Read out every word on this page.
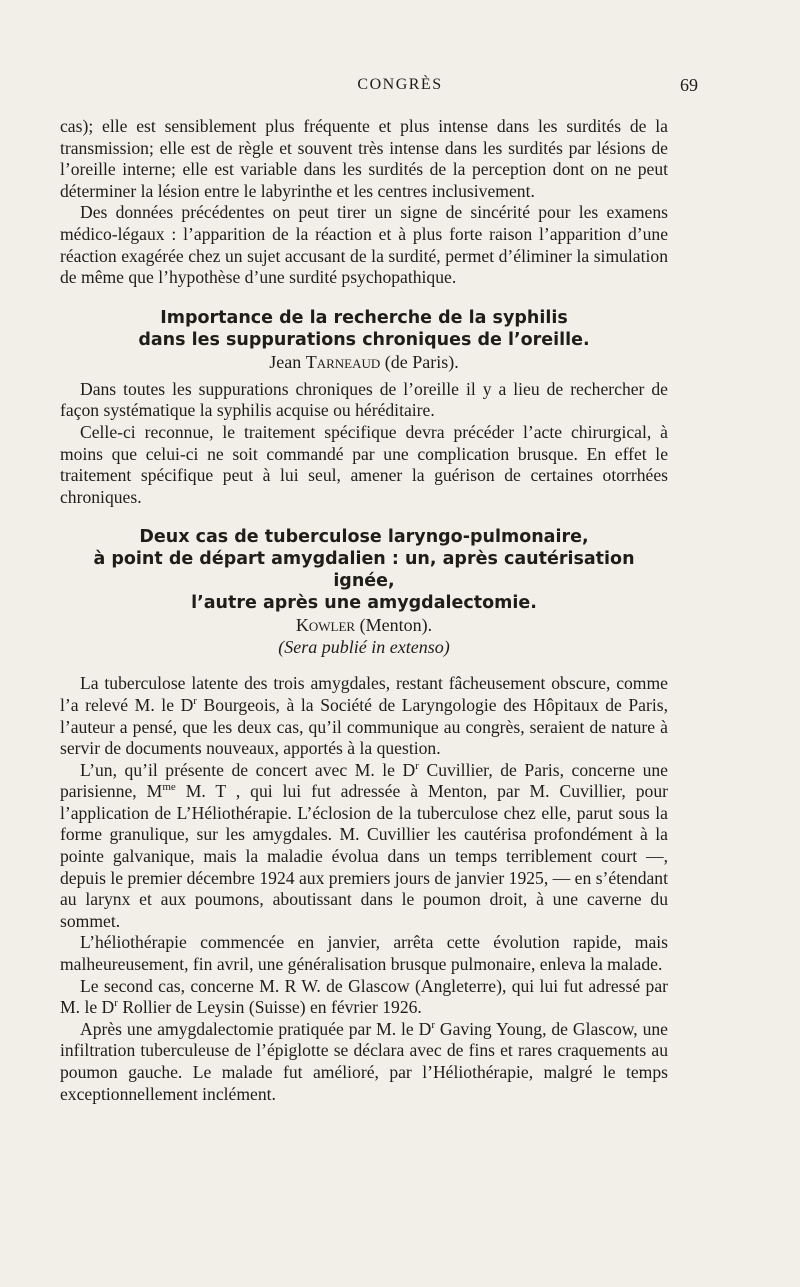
CONGRÈS	69

cas); elle est sensiblement plus fréquente et plus intense dans les surdités de la transmission; elle est de règle et souvent très intense dans les surdités par lésions de l’oreille interne; elle est variable dans les surdités de la perception dont on ne peut déterminer la lésion entre le labyrinthe et les centres inclusivement.

Des données précédentes on peut tirer un signe de sincérité pour les examens médico-légaux : l’apparition de la réaction et à plus forte raison l’apparition d’une réaction exagérée chez un sujet accusant de la surdité, permet d’éliminer la simulation de même que l’hypothèse d’une surdité psychopathique.

Importance de la recherche de la syphilis
dans les suppurations chroniques de l’oreille.
Jean Tarneaud (de Paris).

Dans toutes les suppurations chroniques de l’oreille il y a lieu de rechercher de façon systématique la syphilis acquise ou héréditaire.

Celle-ci reconnue, le traitement spécifique devra précéder l’acte chirurgical, à moins que celui-ci ne soit commandé par une complication brusque. En effet le traitement spécifique peut à lui seul, amener la guérison de certaines otorrhées chroniques.

Deux cas de tuberculose laryngo-pulmonaire,
à point de départ amygdalien : un, après cautérisation ignée,
l’autre après une amygdalectomie.
Kowler (Menton).
(Sera publié in extenso)

La tuberculose latente des trois amygdales, restant fâcheusement obscure, comme l’a relevé M. le $D^r$ Bourgeois, à la Société de Laryngologie des Hôpitaux de Paris, l’auteur a pensé, que les deux cas, qu’il communique au congrès, seraient de nature à servir de documents nouveaux, apportés à la question.

L’un, qu’il présente de concert avec M. le $D^r$ Cuvillier, de Paris, concerne une parisienne, $M^{me}$ M. T , qui lui fut adressée à Menton, par M. Cuvillier, pour l’application de L’Héliothérapie. L’éclosion de la tuberculose chez elle, parut sous la forme granulique, sur les amygdales. M. Cuvillier les cautérisa profondément à la pointe galvanique, mais la maladie évolua dans un temps terriblement court —, depuis le premier décembre 1924 aux premiers jours de janvier 1925, — en s’étendant au larynx et aux poumons, aboutissant dans le poumon droit, à une caverne du sommet.

L’héliothérapie commencée en janvier, arrêta cette évolution rapide, mais malheureusement, fin avril, une généralisation brusque pulmonaire, enleva la malade.

Le second cas, concerne M. R W. de Glascow (Angleterre), qui lui fut adressé par M. le $D^r$ Rollier de Leysin (Suisse) en février 1926.

Après une amygdalectomie pratiquée par M. le $D^r$ Gaving Young, de Glascow, une infiltration tuberculeuse de l’épiglotte se déclara avec de fins et rares craquements au poumon gauche. Le malade fut amélioré, par l’Héliothérapie, malgré le temps exceptionnellement inclément.
